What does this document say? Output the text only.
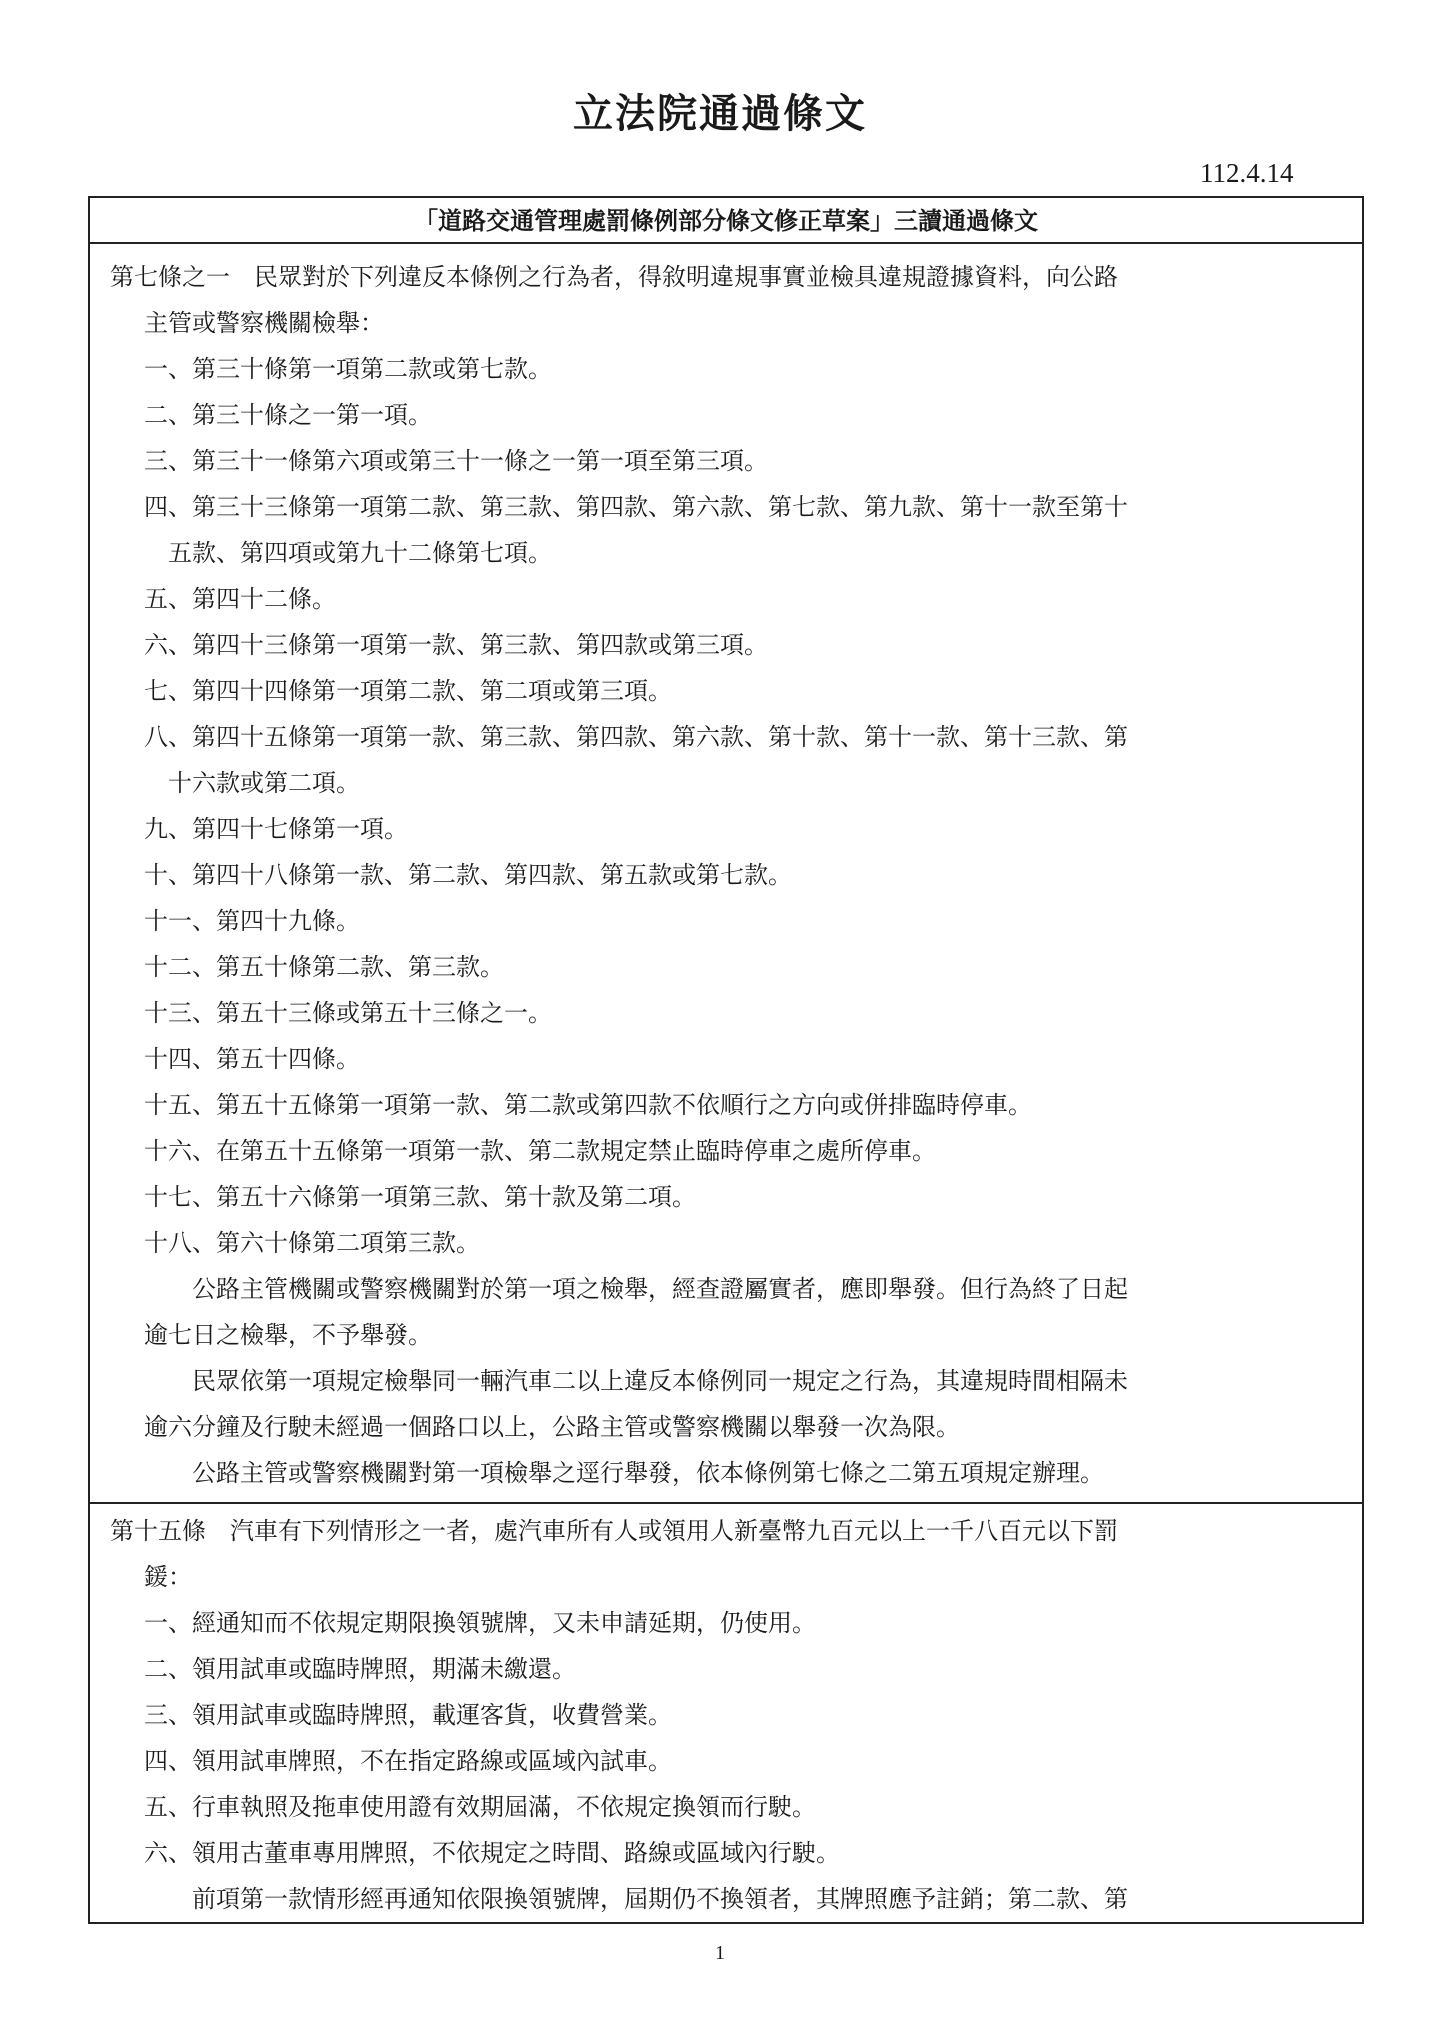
立法院通過條文
112.4.14
「道路交通管理處罰條例部分條文修正草案」三讀通過條文
第七條之一　民眾對於下列違反本條例之行為者，得敘明違規事實並檢具違規證據資料，向公路
主管或警察機關檢舉：
一、第三十條第一項第二款或第七款。
二、第三十條之一第一項。
三、第三十一條第六項或第三十一條之一第一項至第三項。
四、第三十三條第一項第二款、第三款、第四款、第六款、第七款、第九款、第十一款至第十
五款、第四項或第九十二條第七項。
五、第四十二條。
六、第四十三條第一項第一款、第三款、第四款或第三項。
七、第四十四條第一項第二款、第二項或第三項。
八、第四十五條第一項第一款、第三款、第四款、第六款、第十款、第十一款、第十三款、第
十六款或第二項。
九、第四十七條第一項。
十、第四十八條第一款、第二款、第四款、第五款或第七款。
十一、第四十九條。
十二、第五十條第二款、第三款。
十三、第五十三條或第五十三條之一。
十四、第五十四條。
十五、第五十五條第一項第一款、第二款或第四款不依順行之方向或併排臨時停車。
十六、在第五十五條第一項第一款、第二款規定禁止臨時停車之處所停車。
十七、第五十六條第一項第三款、第十款及第二項。
十八、第六十條第二項第三款。
公路主管機關或警察機關對於第一項之檢舉，經查證屬實者，應即舉發。但行為終了日起
逾七日之檢舉，不予舉發。
民眾依第一項規定檢舉同一輛汽車二以上違反本條例同一規定之行為，其違規時間相隔未
逾六分鐘及行駛未經過一個路口以上，公路主管或警察機關以舉發一次為限。
公路主管或警察機關對第一項檢舉之逕行舉發，依本條例第七條之二第五項規定辦理。
第十五條　汽車有下列情形之一者，處汽車所有人或領用人新臺幣九百元以上一千八百元以下罰
鍰：
一、經通知而不依規定期限換領號牌，又未申請延期，仍使用。
二、領用試車或臨時牌照，期滿未繳還。
三、領用試車或臨時牌照，載運客貨，收費營業。
四、領用試車牌照，不在指定路線或區域內試車。
五、行車執照及拖車使用證有效期屆滿，不依規定換領而行駛。
六、領用古董車專用牌照，不依規定之時間、路線或區域內行駛。
前項第一款情形經再通知依限換領號牌，屆期仍不換領者，其牌照應予註銷；第二款、第
1
